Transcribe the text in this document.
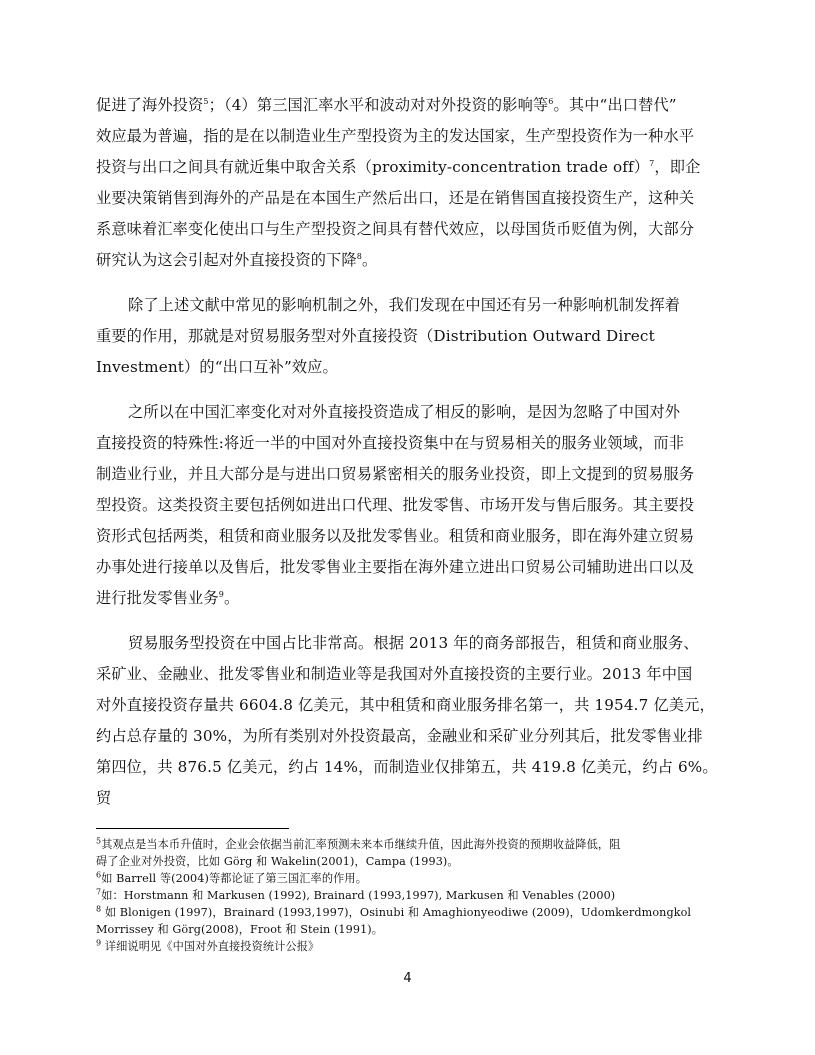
促进了海外投资$^5$；（4）第三国汇率水平和波动对对外投资的影响等$^6$。其中“出口替代”
效应最为普遍，指的是在以制造业生产型投资为主的发达国家，生产型投资作为一种水平
投资与出口之间具有就近集中取舍关系（proximity-concentration trade off）$^7$，即企
业要决策销售到海外的产品是在本国生产然后出口，还是在销售国直接投资生产，这种关
系意味着汇率变化使出口与生产型投资之间具有替代效应，以母国货币贬值为例，大部分
研究认为这会引起对外直接投资的下降$^8$。
除了上述文献中常见的影响机制之外，我们发现在中国还有另一种影响机制发挥着
重要的作用，那就是对贸易服务型对外直接投资（Distribution Outward Direct
Investment）的“出口互补”效应。
之所以在中国汇率变化对对外直接投资造成了相反的影响，是因为忽略了中国对外
直接投资的特殊性:将近一半的中国对外直接投资集中在与贸易相关的服务业领域，而非
制造业行业，并且大部分是与进出口贸易紧密相关的服务业投资，即上文提到的贸易服务
型投资。这类投资主要包括例如进出口代理、批发零售、市场开发与售后服务。其主要投
资形式包括两类，租赁和商业服务以及批发零售业。租赁和商业服务，即在海外建立贸易
办事处进行接单以及售后，批发零售业主要指在海外建立进出口贸易公司辅助进出口以及
进行批发零售业务$^9$。
贸易服务型投资在中国占比非常高。根据 2013 年的商务部报告，租赁和商业服务、
采矿业、金融业、批发零售业和制造业等是我国对外直接投资的主要行业。2013 年中国
对外直接投资存量共 6604.8 亿美元，其中租赁和商业服务排名第一，共 1954.7 亿美元，
约占总存量的 30%，为所有类别对外投资最高，金融业和采矿业分列其后，批发零售业排
第四位，共 876.5 亿美元，约占 14%，而制造业仅排第五，共 419.8 亿美元，约占 6%。贸
$^5$其观点是当本币升值时，企业会依据当前汇率预测未来本币继续升值，因此海外投资的预期收益降低，阻
碍了企业对外投资，比如 Görg 和 Wakelin(2001)，Campa (1993)。
$^6$如 Barrell 等(2004)等都论证了第三国汇率的作用。
$^7$如：Horstmann 和 Markusen (1992), Brainard (1993,1997), Markusen 和 Venables (2000)
$^8$ 如 Blonigen (1997)，Brainard (1993,1997)，Osinubi 和 Amaghionyeodiwe (2009)，Udomkerdmongkol
Morrissey 和 Görg(2008)，Froot 和 Stein (1991)。
$^9$ 详细说明见《中国对外直接投资统计公报》
4
